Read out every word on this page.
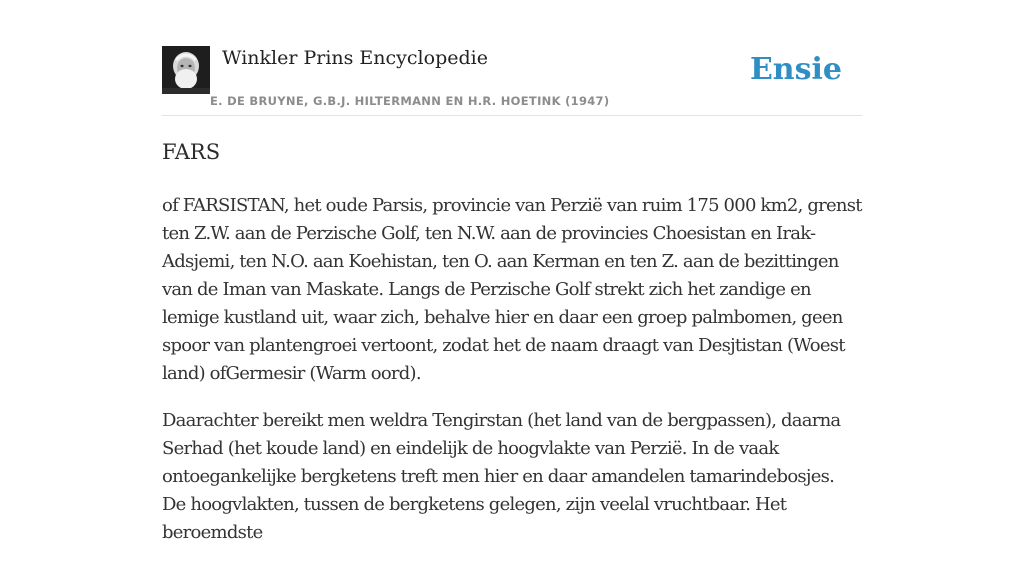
Winkler Prins Encyclopedie
E. DE BRUYNE, G.B.J. HILTERMANN EN H.R. HOETINK (1947)
Ensie
FARS

of FARSISTAN, het oude Parsis, provincie van Perzië van ruim 175 000 km2, grenst ten Z.W. aan de Perzische Golf, ten N.W. aan de provincies Choesistan en Irak-Adsjemi, ten N.O. aan Koehistan, ten O. aan Kerman en ten Z. aan de bezittingen van de Iman van Maskate. Langs de Perzische Golf strekt zich het zandige en lemige kustland uit, waar zich, behalve hier en daar een groep palmbomen, geen spoor van plantengroei vertoont, zodat het de naam draagt van Desjtistan (Woest land) ofGermesir (Warm oord).

Daarachter bereikt men weldra Tengirstan (het land van de bergpassen), daarna Serhad (het koude land) en eindelijk de hoogvlakte van Perzië. In de vaak ontoegankelijke bergketens treft men hier en daar amandelen tamarindebosjes. De hoogvlakten, tussen de bergketens gelegen, zijn veelal vruchtbaar. Het beroemdste
